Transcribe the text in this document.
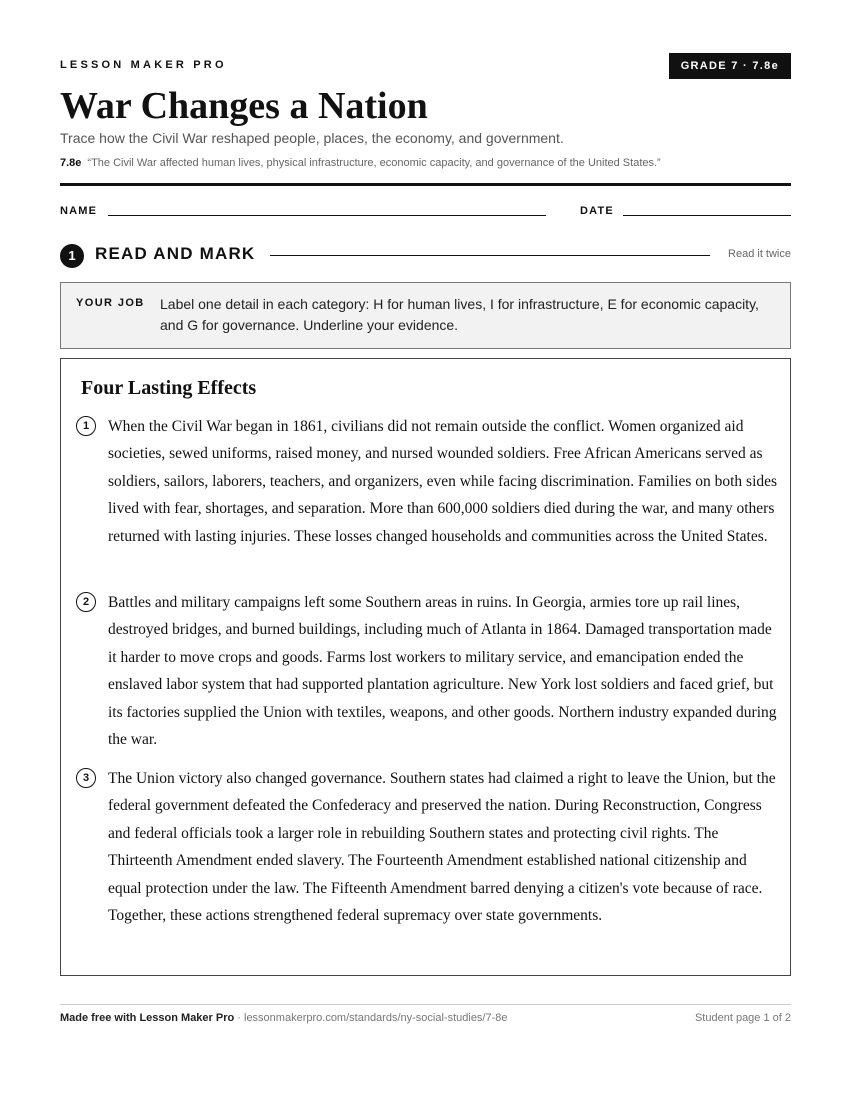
LESSON MAKER PRO	GRADE 7 · 7.8e
War Changes a Nation
Trace how the Civil War reshaped people, places, the economy, and government.
7.8e “The Civil War affected human lives, physical infrastructure, economic capacity, and governance of the United States.”
NAME	DATE
1	READ AND MARK	Read it twice
YOUR JOB Label one detail in each category: H for human lives, I for infrastructure, E for economic capacity, and G for governance. Underline your evidence.
Four Lasting Effects
1	When the Civil War began in 1861, civilians did not remain outside the conflict. Women organized aid societies, sewed uniforms, raised money, and nursed wounded soldiers. Free African Americans served as soldiers, sailors, laborers, teachers, and organizers, even while facing discrimination. Families on both sides lived with fear, shortages, and separation. More than 600,000 soldiers died during the war, and many others returned with lasting injuries. These losses changed households and communities across the United States.

2	Battles and military campaigns left some Southern areas in ruins. In Georgia, armies tore up rail lines, destroyed bridges, and burned buildings, including much of Atlanta in 1864. Damaged transportation made it harder to move crops and goods. Farms lost workers to military service, and emancipation ended the enslaved labor system that had supported plantation agriculture. New York lost soldiers and faced grief, but its factories supplied the Union with textiles, weapons, and other goods. Northern industry expanded during the war.

3	The Union victory also changed governance. Southern states had claimed a right to leave the Union, but the federal government defeated the Confederacy and preserved the nation. During Reconstruction, Congress and federal officials took a larger role in rebuilding Southern states and protecting civil rights. The Thirteenth Amendment ended slavery. The Fourteenth Amendment established national citizenship and equal protection under the law. The Fifteenth Amendment barred denying a citizen's vote because of race. Together, these actions strengthened federal supremacy over state governments.

Made free with Lesson Maker Pro · lessonmakerpro.com/standards/ny-social-studies/7-8e	Student page 1 of 2
